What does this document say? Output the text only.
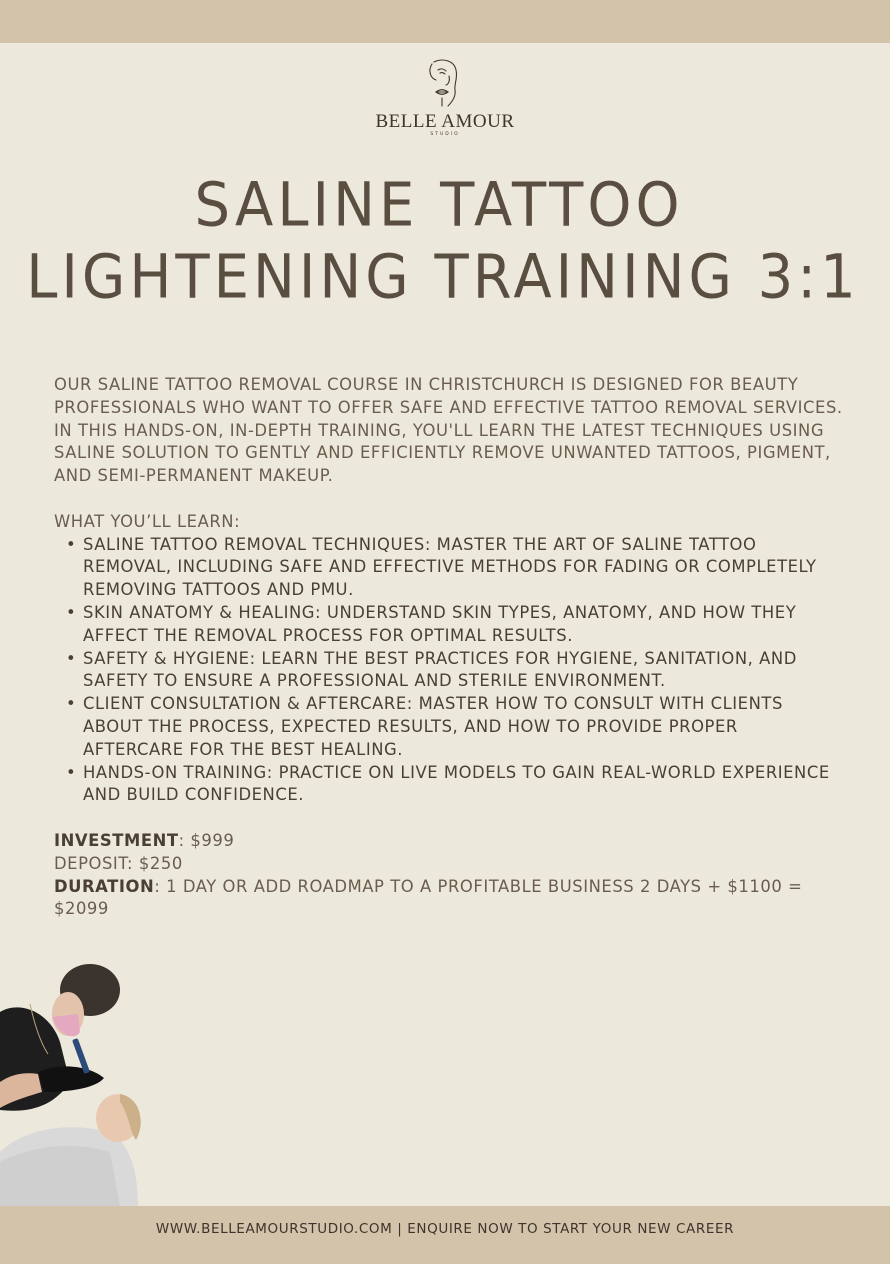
BELLE AMOUR
STUDIO
SALINE TATTOO
LIGHTENING TRAINING 3:1

OUR SALINE TATTOO REMOVAL COURSE IN CHRISTCHURCH IS DESIGNED FOR BEAUTY PROFESSIONALS WHO WANT TO OFFER SAFE AND EFFECTIVE TATTOO REMOVAL SERVICES. IN THIS HANDS-ON, IN-DEPTH TRAINING, YOU'LL LEARN THE LATEST TECHNIQUES USING SALINE SOLUTION TO GENTLY AND EFFICIENTLY REMOVE UNWANTED TATTOOS, PIGMENT, AND SEMI-PERMANENT MAKEUP.

WHAT YOU’LL LEARN:
• SALINE TATTOO REMOVAL TECHNIQUES: MASTER THE ART OF SALINE TATTOO REMOVAL, INCLUDING SAFE AND EFFECTIVE METHODS FOR FADING OR COMPLETELY REMOVING TATTOOS AND PMU.
• SKIN ANATOMY & HEALING: UNDERSTAND SKIN TYPES, ANATOMY, AND HOW THEY AFFECT THE REMOVAL PROCESS FOR OPTIMAL RESULTS.
• SAFETY & HYGIENE: LEARN THE BEST PRACTICES FOR HYGIENE, SANITATION, AND SAFETY TO ENSURE A PROFESSIONAL AND STERILE ENVIRONMENT.
• CLIENT CONSULTATION & AFTERCARE: MASTER HOW TO CONSULT WITH CLIENTS ABOUT THE PROCESS, EXPECTED RESULTS, AND HOW TO PROVIDE PROPER AFTERCARE FOR THE BEST HEALING.
• HANDS-ON TRAINING: PRACTICE ON LIVE MODELS TO GAIN REAL-WORLD EXPERIENCE AND BUILD CONFIDENCE.
INVESTMENT: $999
DEPOSIT: $250
DURATION: 1 DAY OR ADD ROADMAP TO A PROFITABLE BUSINESS 2 DAYS + $1100 = $2099
WWW.BELLEAMOURSTUDIO.COM | ENQUIRE NOW TO START YOUR NEW CAREER
